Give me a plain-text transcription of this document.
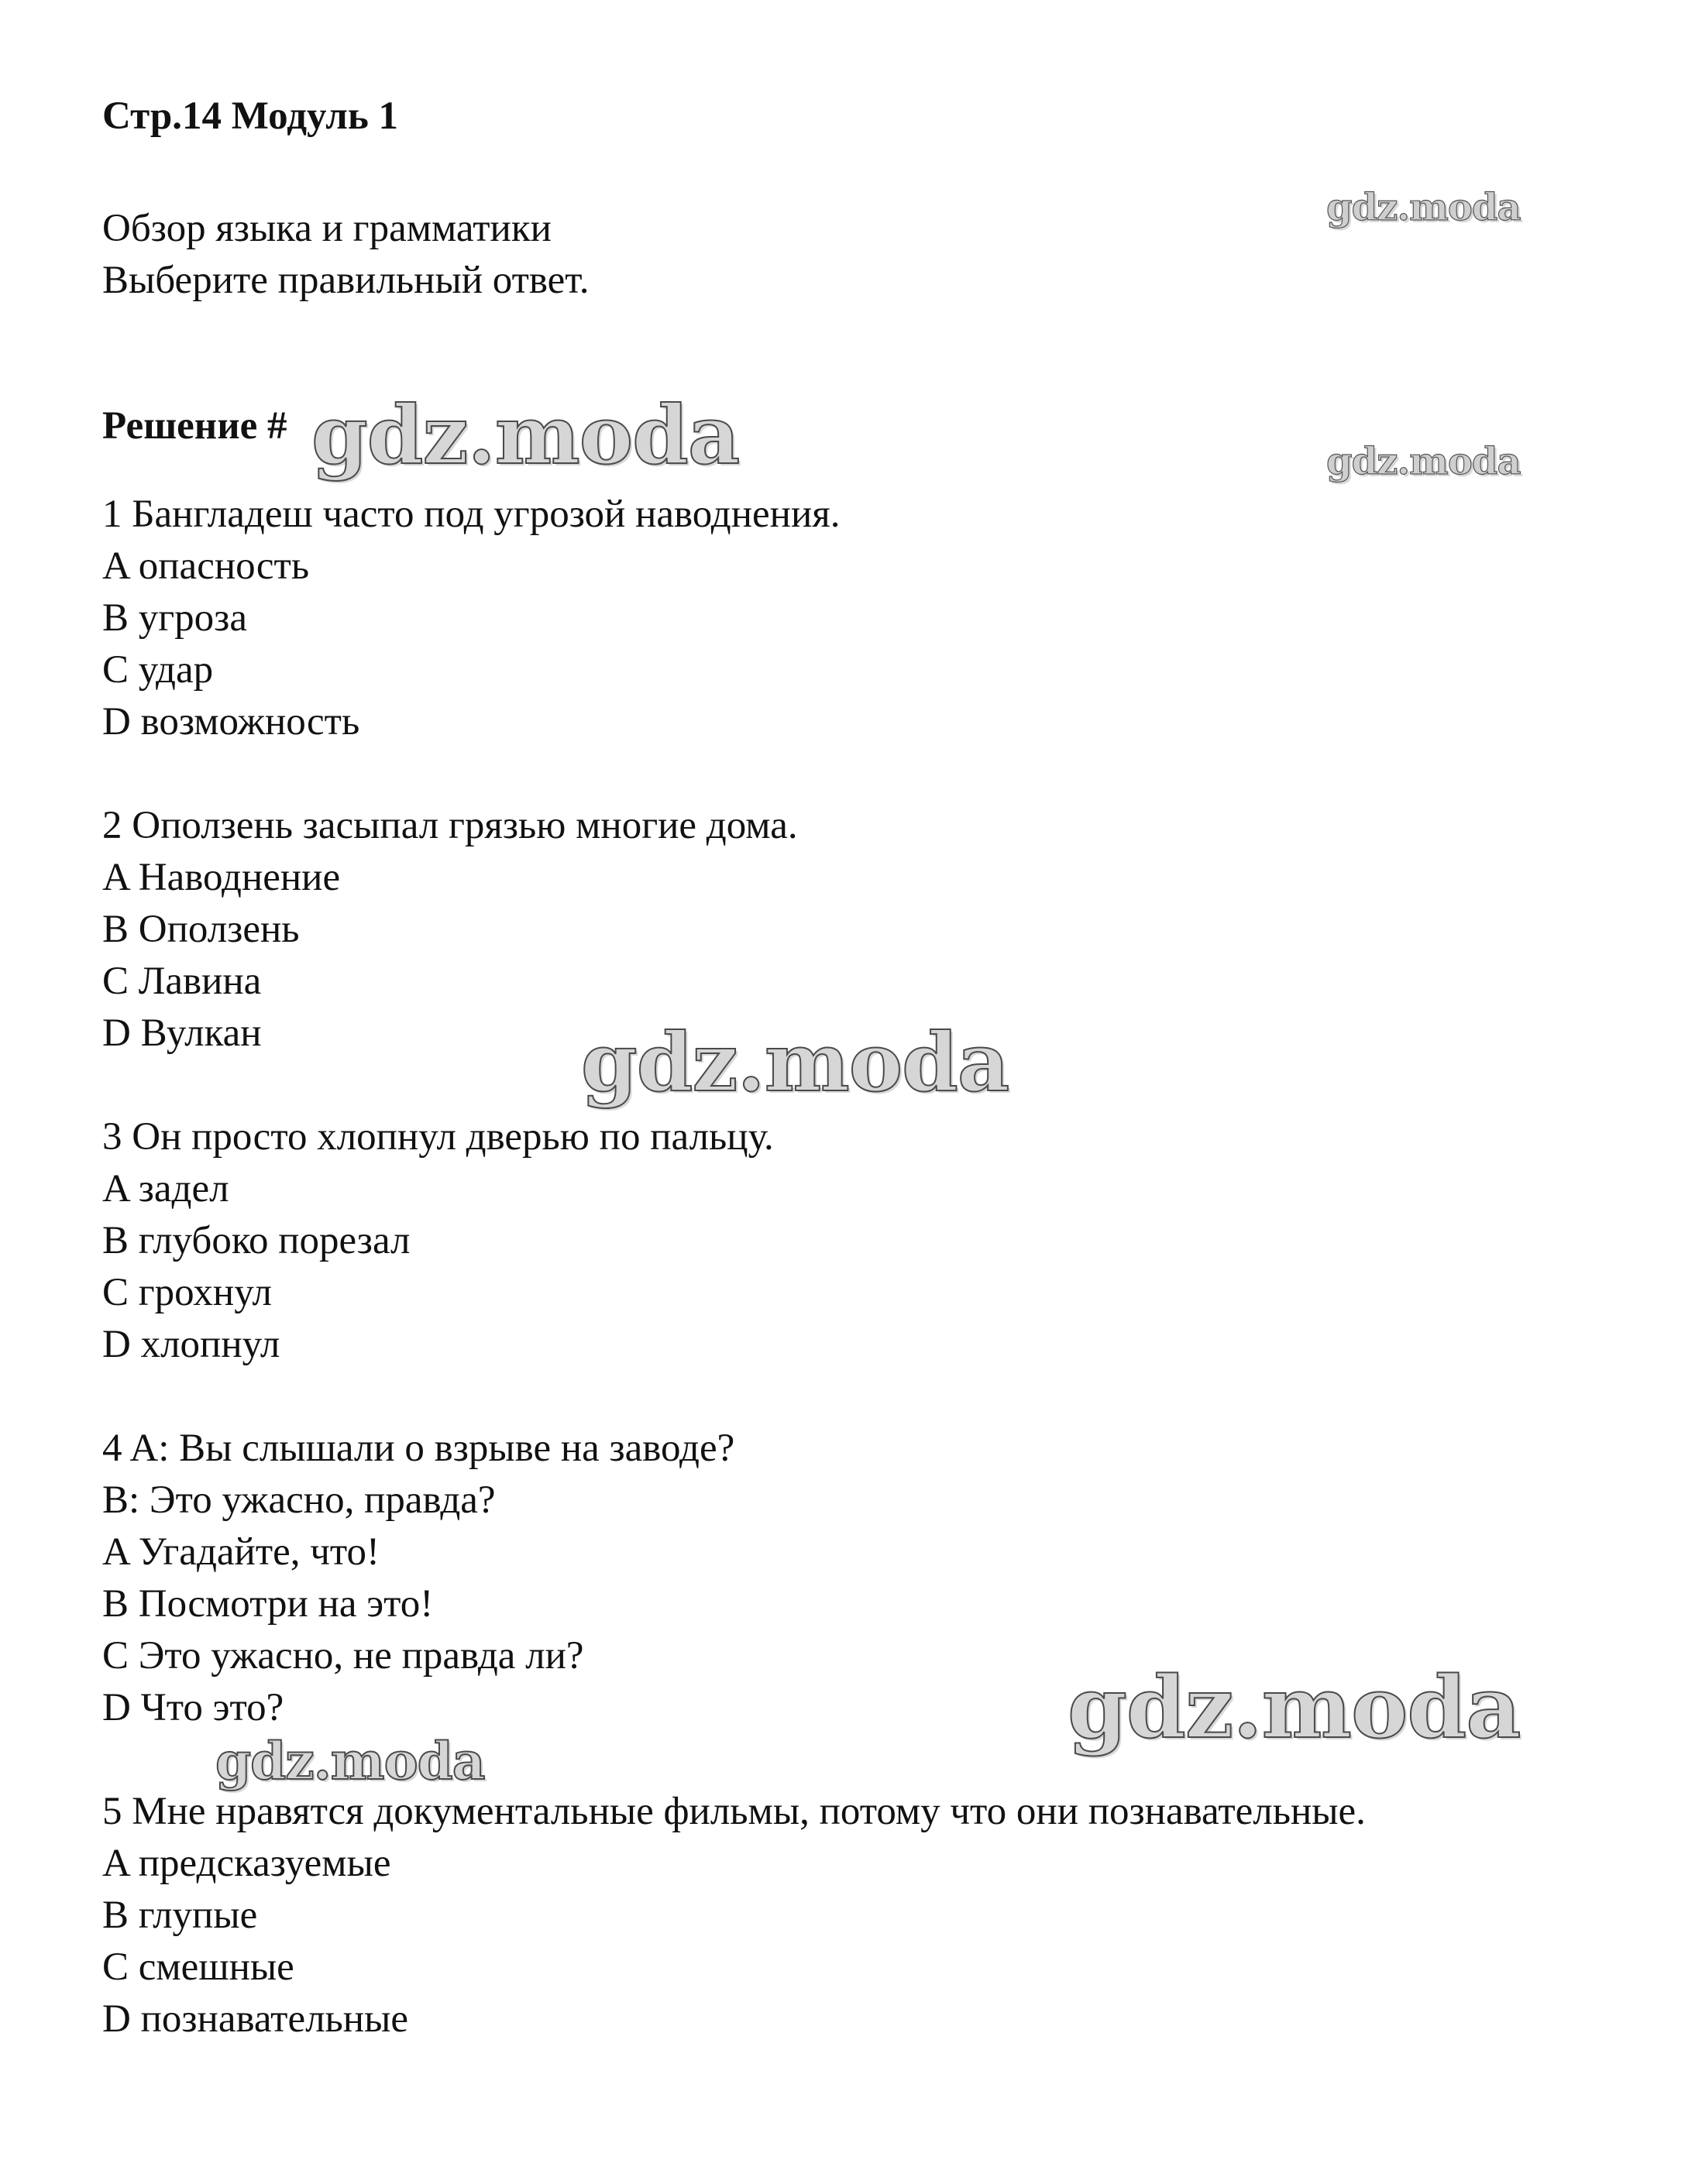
Стр.14 Модуль 1
Обзор языка и грамматики
Выберите правильный ответ.
Решение #
1 Бангладеш часто под угрозой наводнения.
A опасность
B угроза
C удар
D возможность
2 Оползень засыпал грязью многие дома.
A Наводнение
B Оползень
C Лавина
D Вулкан
3 Он просто хлопнул дверью по пальцу.
A задел
B глубоко порезал
C грохнул
D хлопнул
4 A: Вы слышали о взрыве на заводе?
B: Это ужасно, правда?
A Угадайте, что!
B Посмотри на это!
C Это ужасно, не правда ли?
D Что это?
5 Мне нравятся документальные фильмы, потому что они познавательные.
A предсказуемые
B глупые
C смешные
D познавательные
gdz.moda
gdz.moda	gdz.moda
gdz.moda
gdz.moda
gdz.moda
